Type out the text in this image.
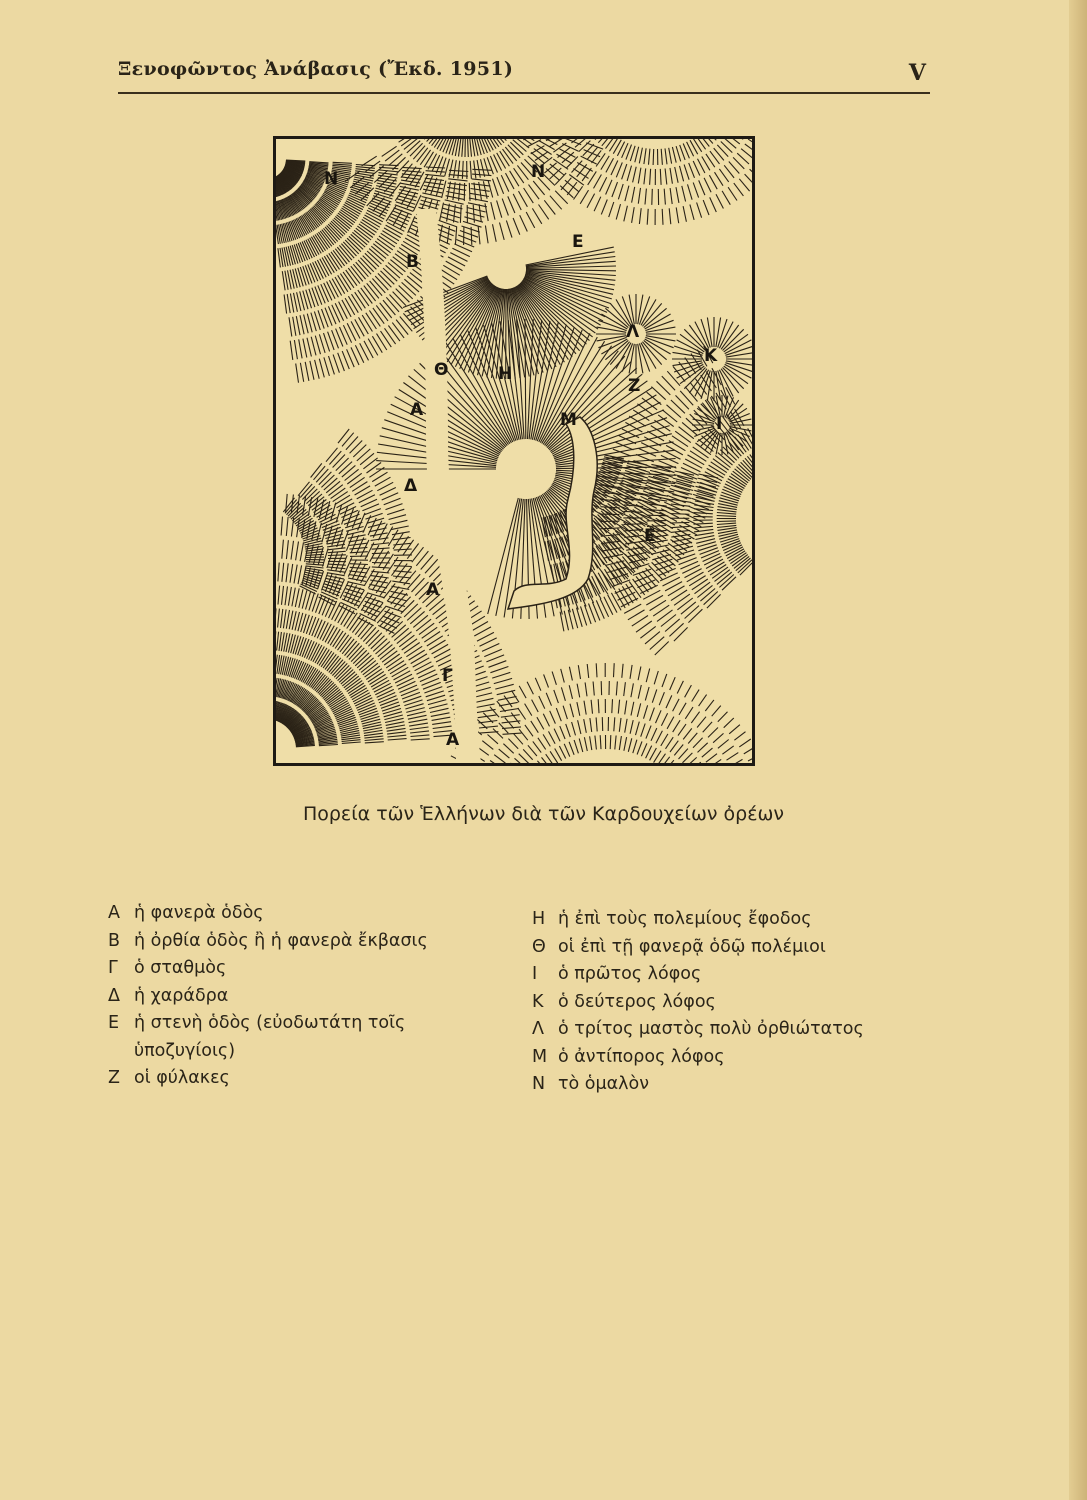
Ξενοφῶντος Ἀνάβασις (Ἔκδ. 1951)	V
Ν	Ν
Ε
Β
Λ
Κ
Θ	Η
Ζ
Α	Μ	Ι
Δ
Ε
Α
Γ
Α
Πορεία τῶν Ἑλλήνων διὰ τῶν Καρδουχείων ὀρέων
Α ἡ φανερὰ ὁδὸς
Β ἡ ὀρθία ὁδὸς ἢ ἡ φανερὰ ἔκβασις
Γ ὁ σταθμὸς
Δ ἡ χαράδρα
Ε ἡ στενὴ ὁδὸς (εὐοδωτάτη τοῖς ὑποζυγίοις)
Ζ οἱ φύλακες
Η ἡ ἐπὶ τοὺς πολεμίους ἔφοδος
Θ οἱ ἐπὶ τῇ φανερᾷ ὁδῷ πολέμιοι
Ι	ὁ πρῶτος λόφος
Κ ὁ δεύτερος λόφος
Λ ὁ τρίτος μαστὸς πολὺ ὀρθιώτατος
Μ ὁ ἀντίπορος λόφος
Ν τὸ ὁμαλὸν
